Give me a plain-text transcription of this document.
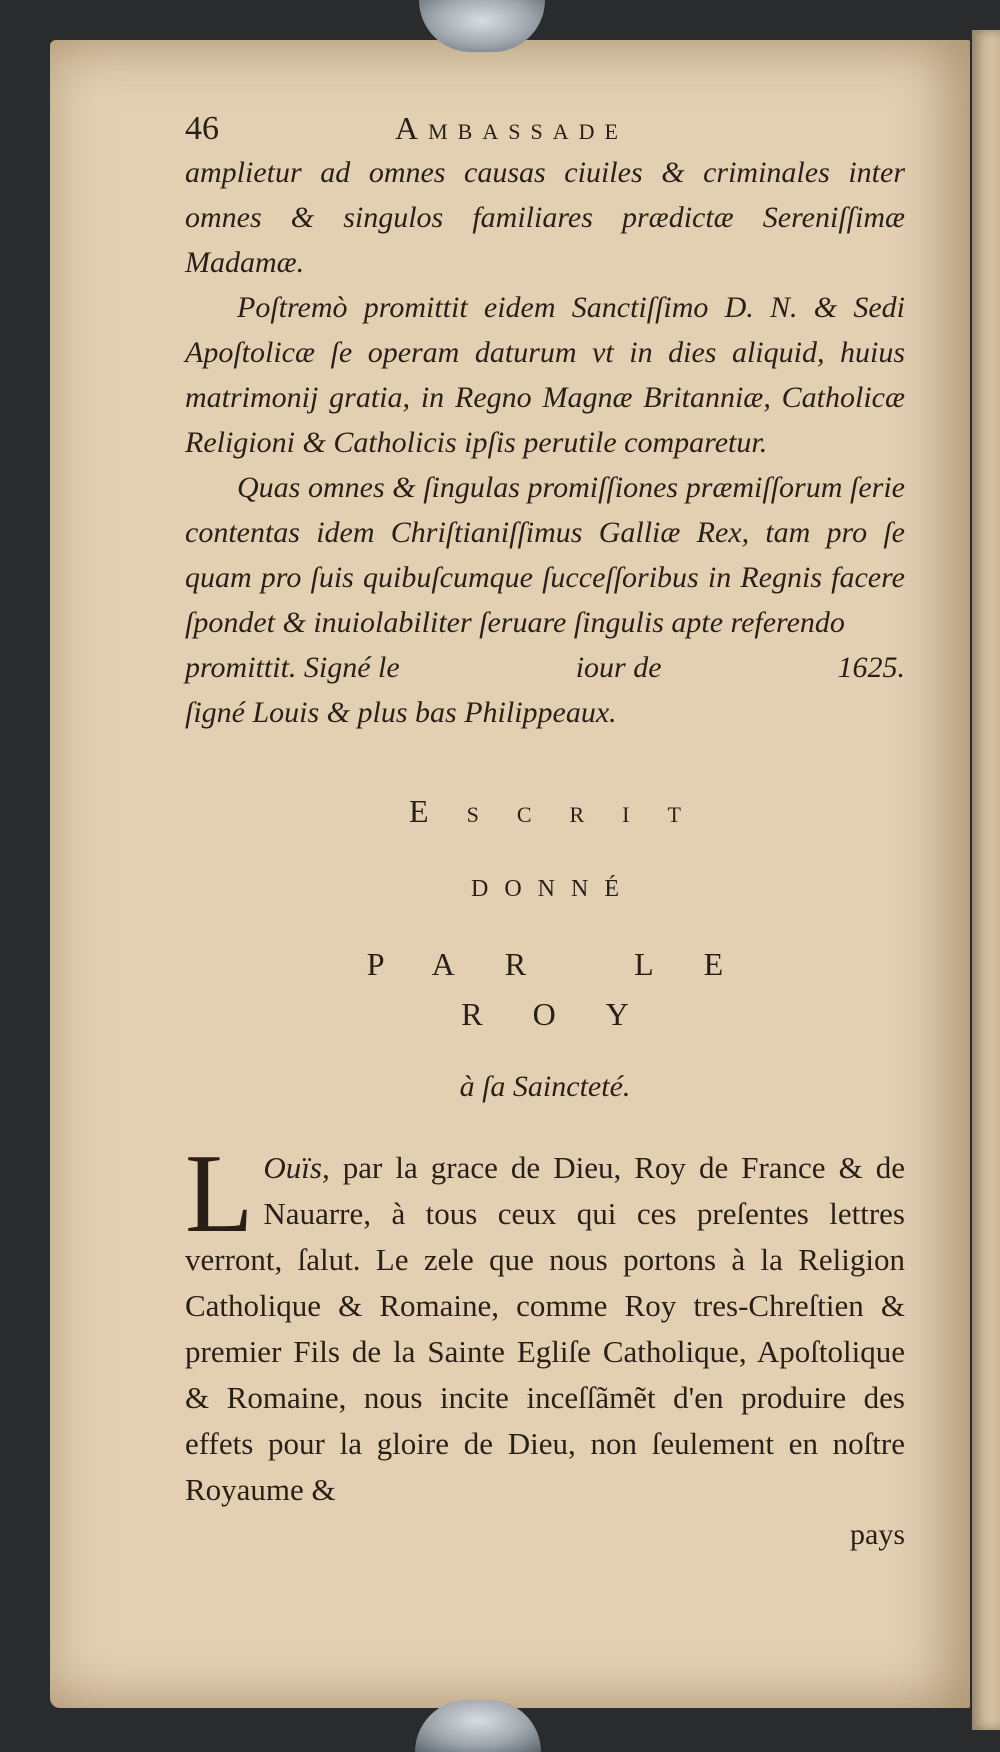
46	Ambassade

amplietur ad omnes causas ciuiles & criminales inter omnes & singulos familiares prædictæ Sereniſſimæ Madamæ.

Poſtremò promittit eidem Sanctiſſimo D. N. & Sedi Apoſtolicæ ſe operam daturum vt in dies aliquid, huius matrimonij gratia, in Regno Magnæ Britanniæ, Catholicæ Religioni & Catholicis ipſis perutile comparetur.

Quas omnes & ſingulas promiſſiones præmiſſorum ſerie contentas idem Chriſtianiſſimus Galliæ Rex, tam pro ſe quam pro ſuis quibuſcumque ſucceſſoribus in Regnis facere ſpondet & inuiolabiliter ſeruare ſingulis apte referendo

promittit. Signé le	iour de	1625.

ſigné Louis & plus bas Philippeaux.

Escrit
DONNÉ
PAR LE ROY
à ſa Saincteté.
L Ouïs, par la grace de Dieu, Roy de France & de Nauarre, à tous ceux qui ces preſentes lettres verront, ſalut. Le zele que nous portons à la Religion Catholique & Romaine, comme Roy tres-Chreſtien & premier Fils de la Sainte Egliſe Catholique, Apoſtolique & Romaine, nous incite inceſſãmẽt d'en produire des effets pour la gloire de Dieu, non ſeulement en noſtre Royaume &
pays
